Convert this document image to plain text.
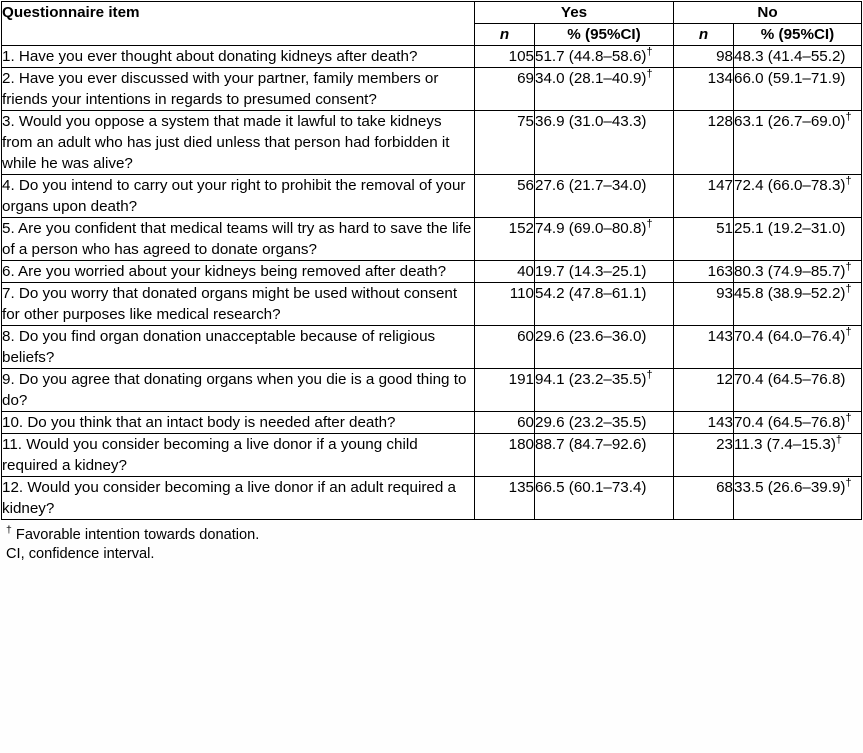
Questionnaire item	Yes		No	
	n	% (95%CI)	n	% (95%CI)
1. Have you ever thought about donating kidneys after death?	105	51.7 (44.8–58.6)†	98	48.3 (41.4–55.2)
2. Have you ever discussed with your partner, family members or friends your intentions in regards to presumed consent?	69	34.0 (28.1–40.9)†	134	66.0 (59.1–71.9)
3. Would you oppose a system that made it lawful to take kidneys from an adult who has just died unless that person had forbidden it while he was alive?	75	36.9 (31.0–43.3)	128	63.1 (26.7–69.0)†
4. Do you intend to carry out your right to prohibit the removal of your organs upon death?	56	27.6 (21.7–34.0)	147	72.4 (66.0–78.3)†
5. Are you confident that medical teams will try as hard to save the life of a person who has agreed to donate organs?	152	74.9 (69.0–80.8)†	51	25.1 (19.2–31.0)
6. Are you worried about your kidneys being removed after death?	40	19.7 (14.3–25.1)	163	80.3 (74.9–85.7)†
7. Do you worry that donated organs might be used without consent for other purposes like medical research?	110	54.2 (47.8–61.1)	93	45.8 (38.9–52.2)†
8. Do you find organ donation unacceptable because of religious beliefs?	60	29.6 (23.6–36.0)	143	70.4 (64.0–76.4)†
9. Do you agree that donating organs when you die is a good thing to do?	191	94.1 (23.2–35.5)†	12	70.4 (64.5–76.8)
10. Do you think that an intact body is needed after death?	60	29.6 (23.2–35.5)	143	70.4 (64.5–76.8)†
11. Would you consider becoming a live donor if a young child required a kidney?	180	88.7 (84.7–92.6)	23	11.3 (7.4–15.3)†
12. Would you consider becoming a live donor if an adult required a kidney?	135	66.5 (60.1–73.4)	68	33.5 (26.6–39.9)†
† Favorable intention towards donation.
CI, confidence interval.
